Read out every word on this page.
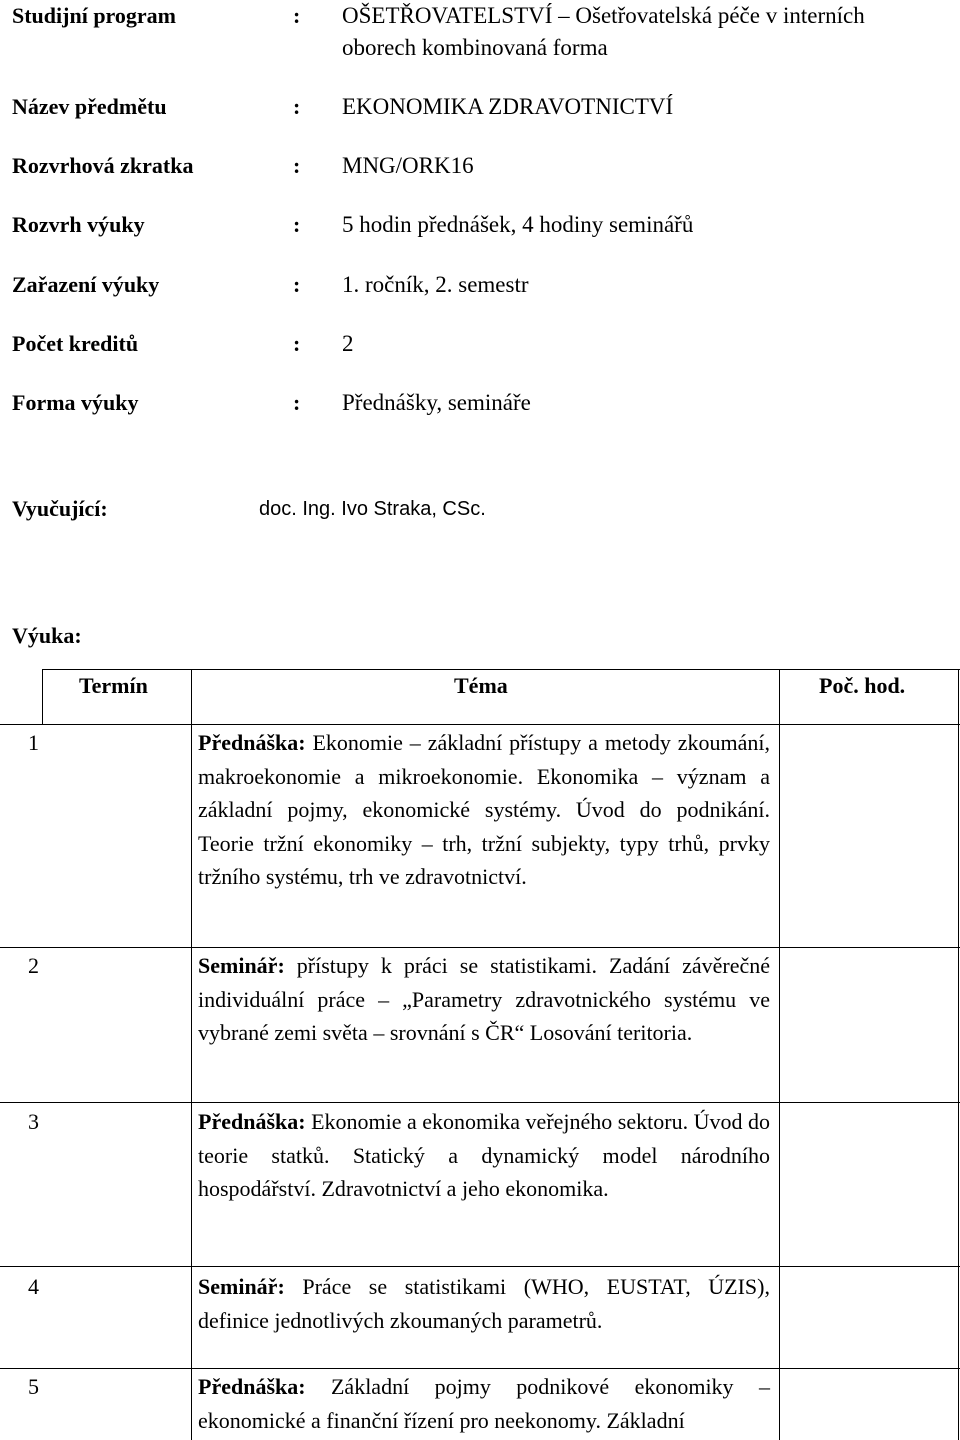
Studijní program	: OŠETŘOVATELSTVÍ – Ošetřovatelská péče v interních oborech kombinovaná forma
Název předmětu	: EKONOMIKA ZDRAVOTNICTVÍ
Rozvrhová zkratka	: MNG/ORK16
Rozvrh výuky	: 5 hodin přednášek, 4 hodiny seminářů
Zařazení výuky	: 1. ročník, 2. semestr
Počet kreditů	: 2
Forma výuky	: Přednášky, semináře
Vyučující:	doc. Ing. Ivo Straka, CSc.
Výuka:
Termín	Téma	Poč. hod.
1	Přednáška: Ekonomie – základní přístupy a metody zkoumání, makroekonomie a mikroekonomie. Ekonomika – význam a základní pojmy, ekonomické systémy. Úvod do podnikání. Teorie tržní ekonomiky – trh, tržní subjekty, typy trhů, prvky tržního systému, trh ve zdravotnictví.
2	Seminář: přístupy k práci se statistikami. Zadání závěrečné individuální práce – „Parametry zdravotnického systému ve vybrané zemi světa – srovnání s ČR“ Losování teritoria.
3	Přednáška: Ekonomie a ekonomika veřejného sektoru. Úvod do teorie statků. Statický a dynamický model národního hospodářství. Zdravotnictví a jeho ekonomika.
4	Seminář: Práce se statistikami (WHO, EUSTAT, ÚZIS), definice jednotlivých zkoumaných parametrů.
5	Přednáška: Základní pojmy podnikové ekonomiky – ekonomické a finanční řízení pro neekonomy. Základní
